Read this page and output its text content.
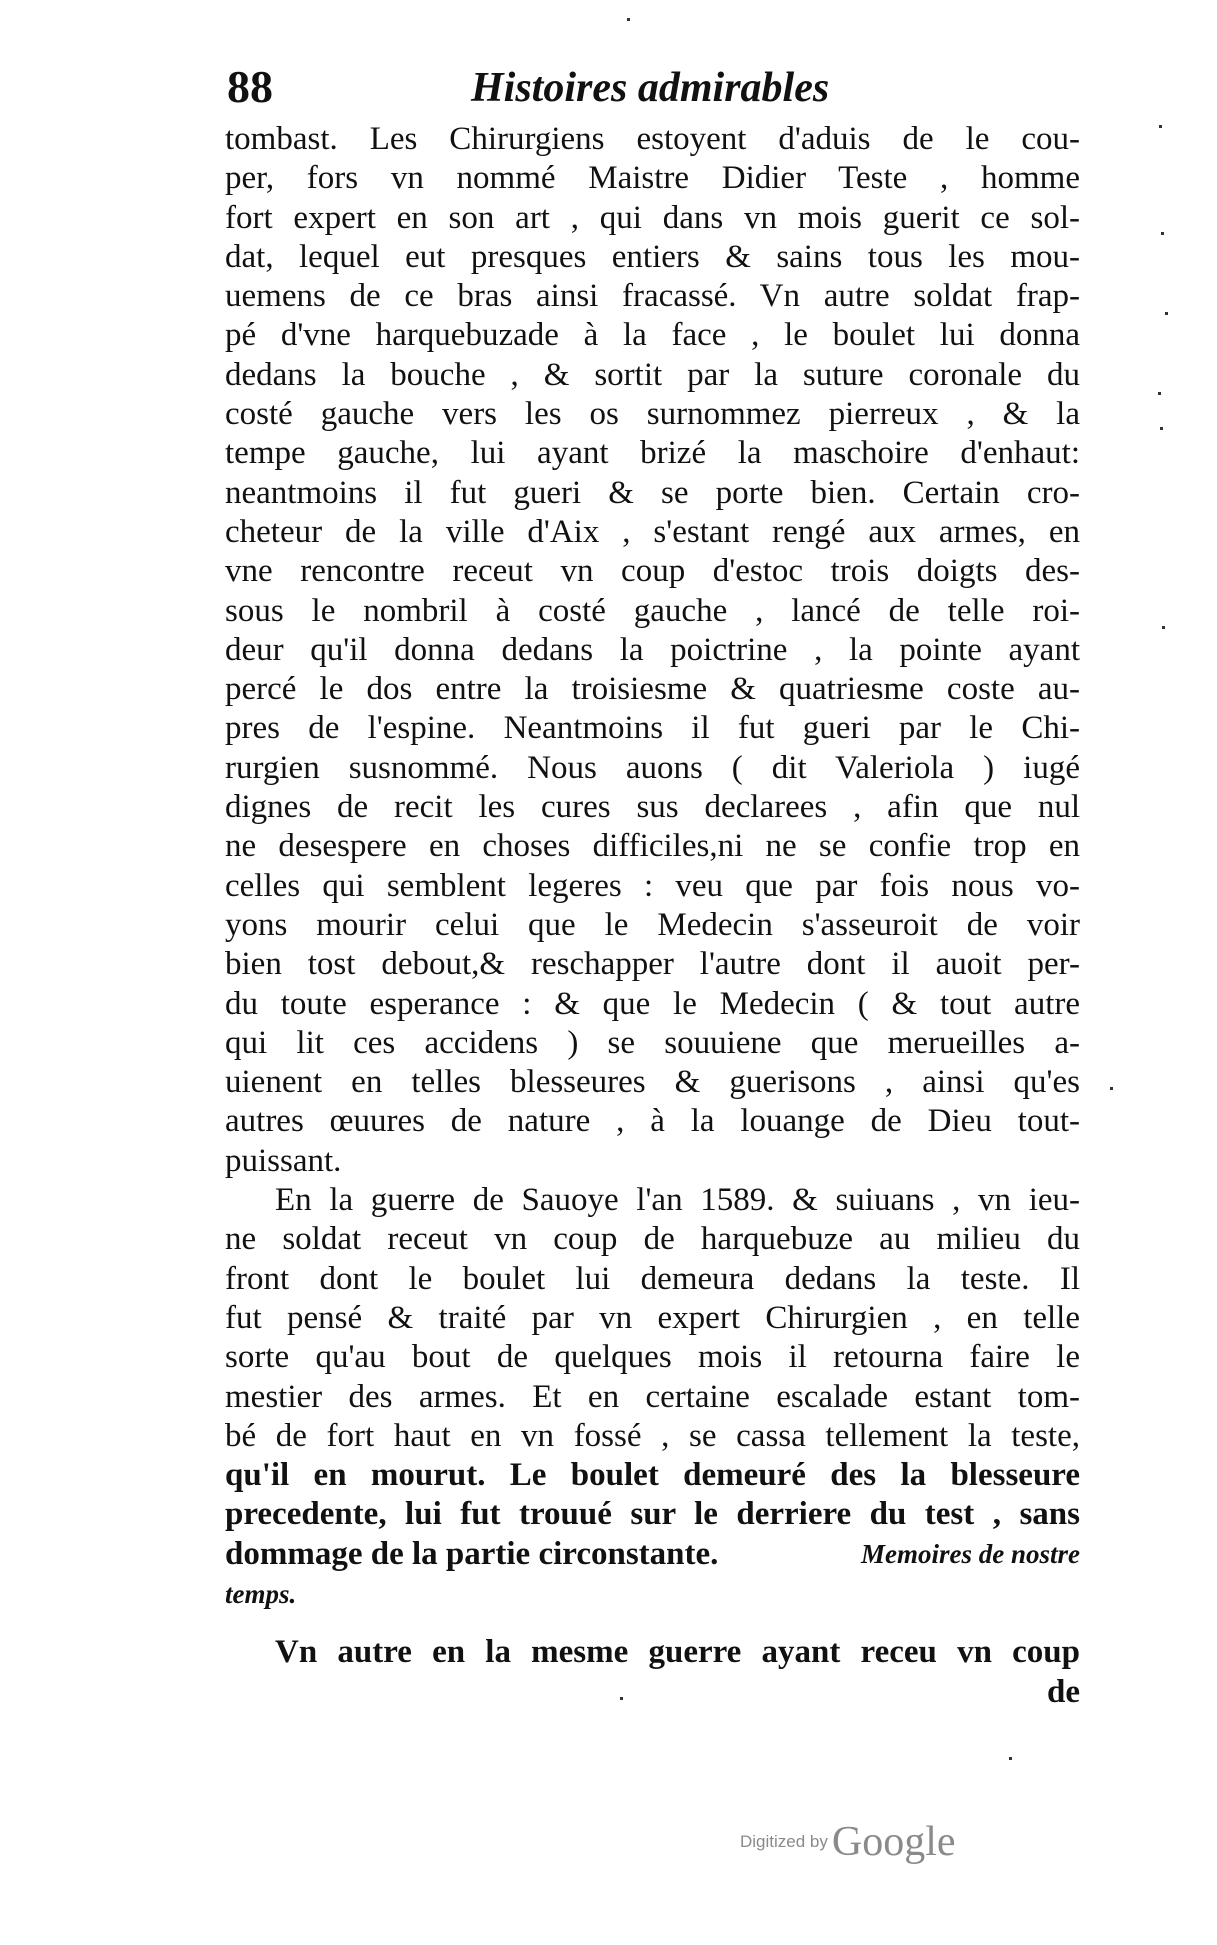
88	Histoires admirables
tombast. Les Chirurgiens estoyent d'aduis de le cou-
per, fors vn nommé Maistre Didier Teste , homme
fort expert en son art , qui dans vn mois guerit ce sol-
dat, lequel eut presques entiers & sains tous les mou-
uemens de ce bras ainsi fracassé. Vn autre soldat frap-
pé d'vne harquebuzade à la face , le boulet lui donna
dedans la bouche , & sortit par la suture coronale du
costé gauche vers les os surnommez pierreux , & la
tempe gauche, lui ayant brizé la maschoire d'enhaut:
neantmoins il fut gueri & se porte bien. Certain cro-
cheteur de la ville d'Aix , s'estant rengé aux armes, en
vne rencontre receut vn coup d'estoc trois doigts des-
sous le nombril à costé gauche , lancé de telle roi-
deur qu'il donna dedans la poictrine , la pointe ayant
percé le dos entre la troisiesme & quatriesme coste au-
pres de l'espine. Neantmoins il fut gueri par le Chi-
rurgien susnommé. Nous auons ( dit Valeriola ) iugé
dignes de recit les cures sus declarees , afin que nul
ne desespere en choses difficiles,ni ne se confie trop en
celles qui semblent legeres : veu que par fois nous vo-
yons mourir celui que le Medecin s'asseuroit de voir
bien tost debout,& reschapper l'autre dont il auoit per-
du toute esperance : & que le Medecin ( & tout autre
qui lit ces accidens ) se souuiene que merueilles a-
uienent en telles blesseures & guerisons , ainsi qu'es
autres œuures de nature , à la louange de Dieu tout-
puissant.
En la guerre de Sauoye l'an 1589. & suiuans , vn ieu-
ne soldat receut vn coup de harquebuze au milieu du
front dont le boulet lui demeura dedans la teste. Il
fut pensé & traité par vn expert Chirurgien , en telle
sorte qu'au bout de quelques mois il retourna faire le
mestier des armes. Et en certaine escalade estant tom-
bé de fort haut en vn fossé , se cassa tellement la teste,
qu'il en mourut. Le boulet demeuré des la blesseure
precedente, lui fut trouué sur le derriere du test , sans
dommage de la partie circonstante.	Memoires de nostre
temps.
Vn autre en la mesme guerre ayant receu vn coup
de
Digitized byGoogle
